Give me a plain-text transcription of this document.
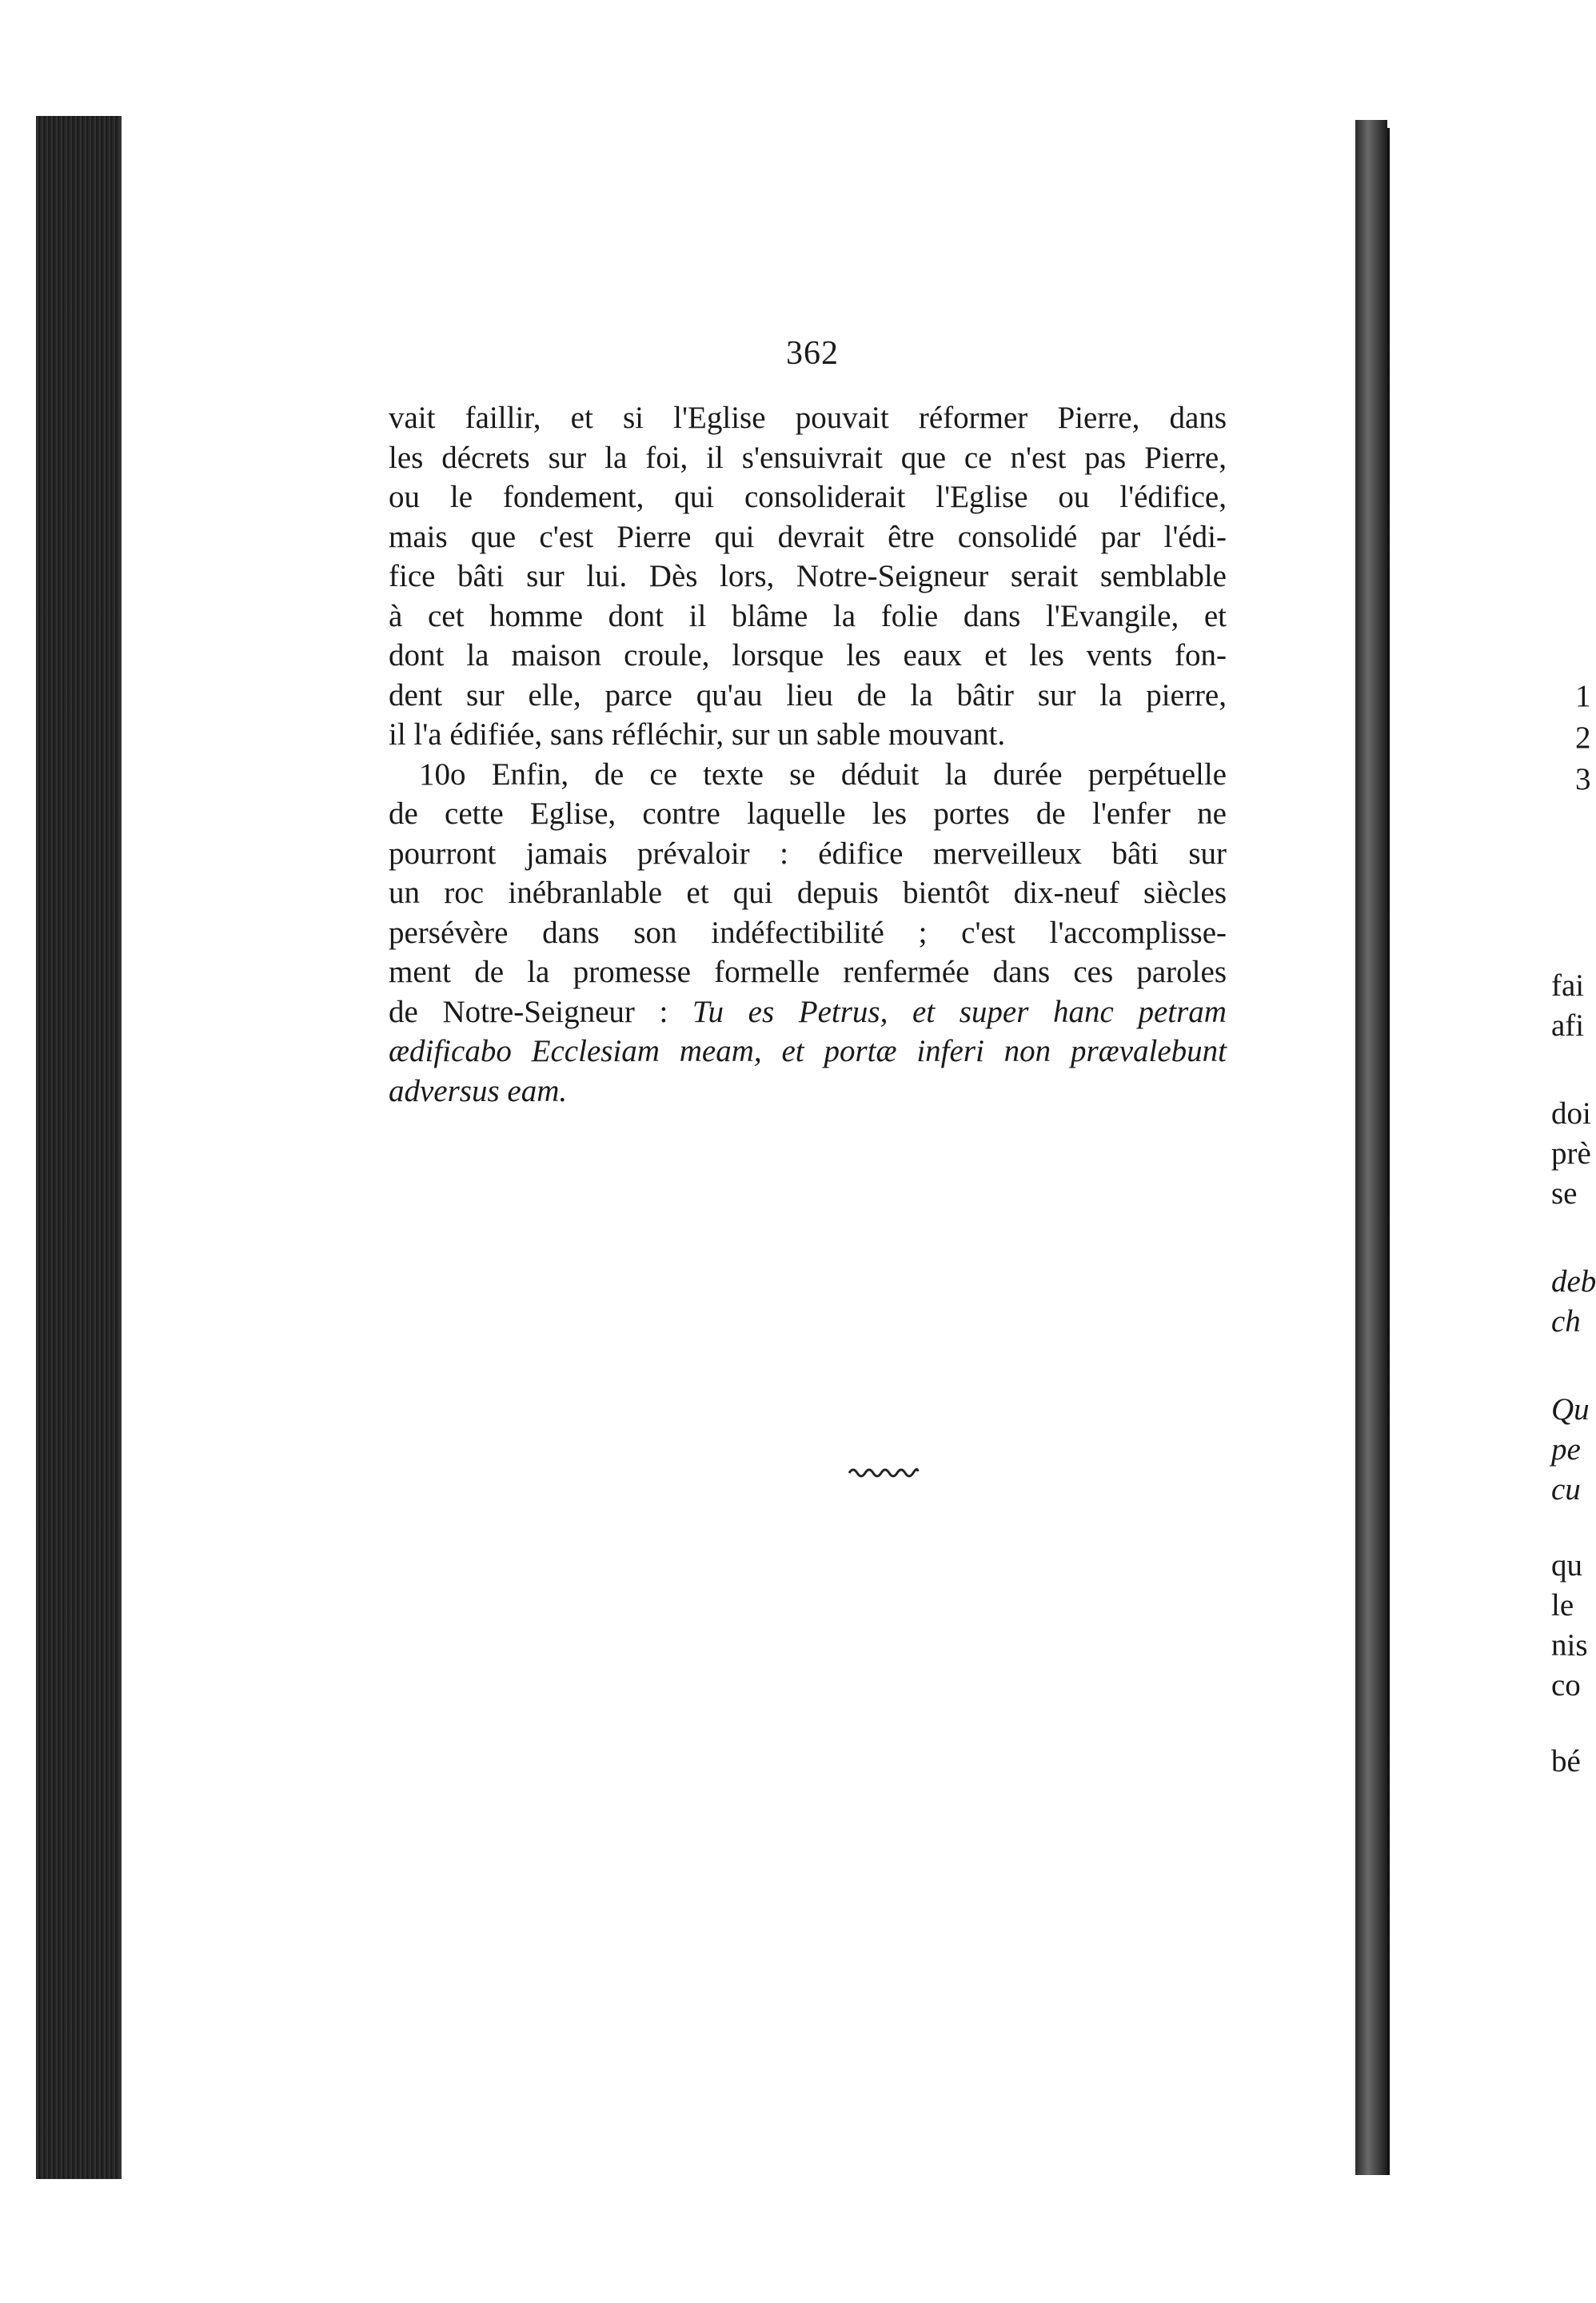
362

vait faillir, et si l'Eglise pouvait réformer Pierre, dans
les décrets sur la foi, il s'ensuivrait que ce n'est pas Pierre,
ou le fondement, qui consoliderait l'Eglise ou l'édifice,
mais que c'est Pierre qui devrait être consolidé par l'édi-
fice bâti sur lui. Dès lors, Notre-Seigneur serait semblable
à cet homme dont il blâme la folie dans l'Evangile, et
dont la maison croule, lorsque les eaux et les vents fon-
dent sur elle, parce qu'au lieu de la bâtir sur la pierre,
il l'a édifiée, sans réfléchir, sur un sable mouvant.

10o Enfin, de ce texte se déduit la durée perpétuelle
de cette Eglise, contre laquelle les portes de l'enfer ne
pourront jamais prévaloir : édifice merveilleux bâti sur
un roc inébranlable et qui depuis bientôt dix-neuf siècles
persévère dans son indéfectibilité ; c'est l'accomplisse-
ment de la promesse formelle renfermée dans ces paroles
de Notre-Seigneur : Tu es Petrus, et super hanc petram
ædificabo Ecclesiam meam, et portæ inferi non prævalebunt
adversus eam.

1
2
3
fai
afi
doi
prè
se
deb
ch
Qu
pe
cu
qu
le
nis
co
bé
